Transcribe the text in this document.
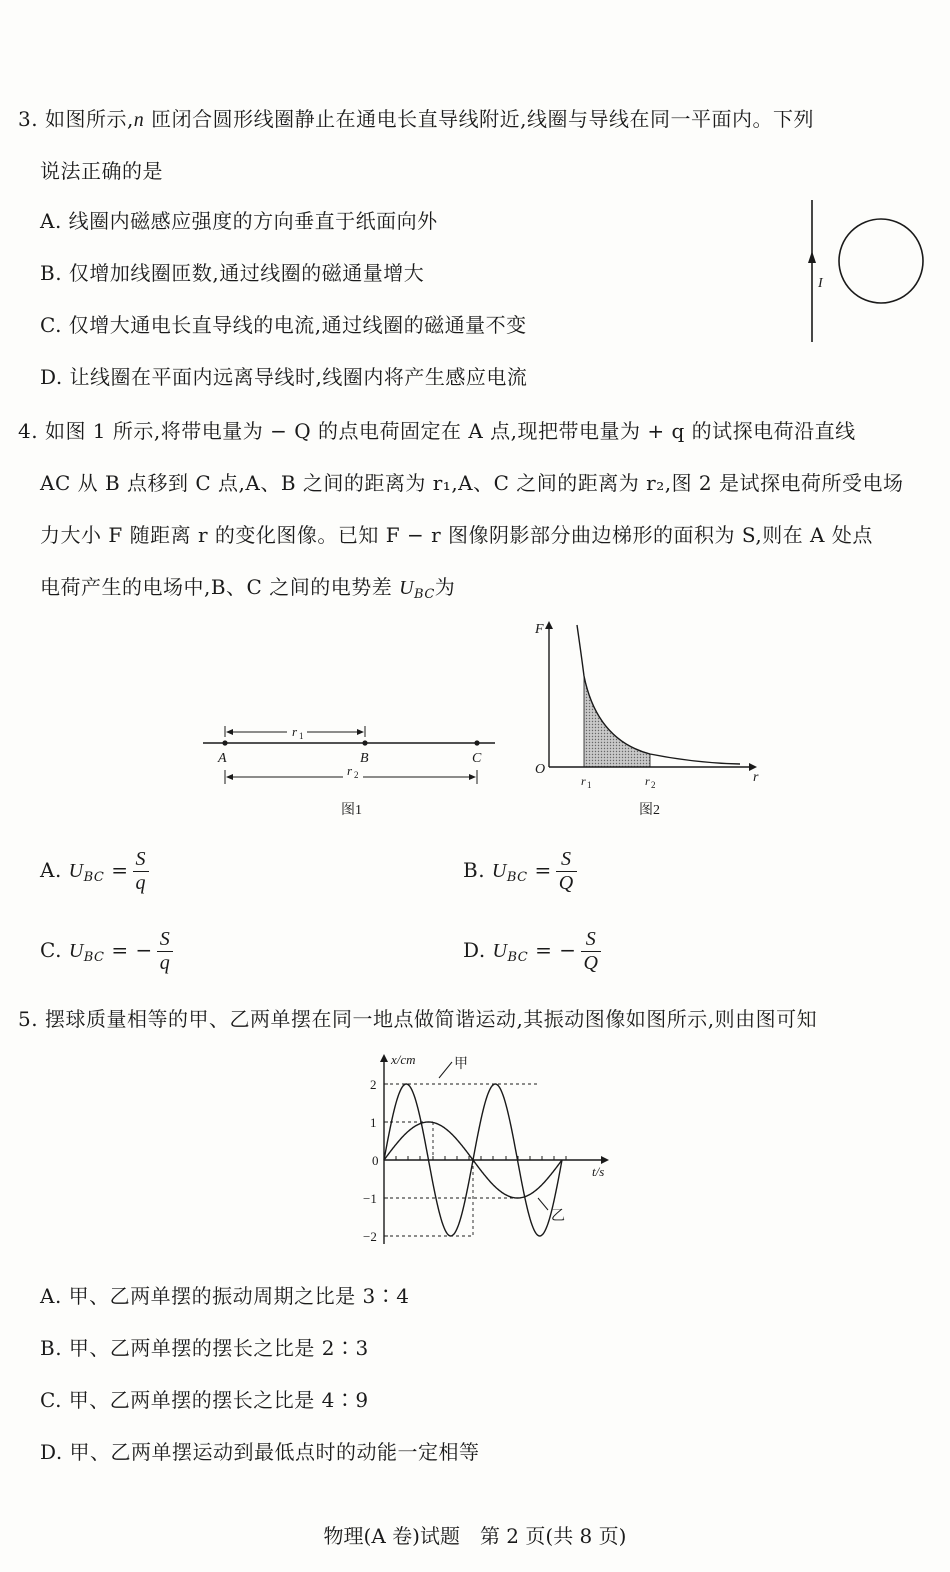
3. 如图所示,n 匝闭合圆形线圈静止在通电长直导线附近,线圈与导线在同一平面内。下列
说法正确的是
A. 线圈内磁感应强度的方向垂直于纸面向外
B. 仅增加线圈匝数,通过线圈的磁通量增大
C. 仅增大通电长直导线的电流,通过线圈的磁通量不变
D. 让线圈在平面内远离导线时,线圈内将产生感应电流
I
4. 如图 1 所示,将带电量为 − Q 的点电荷固定在 A 点,现把带电量为 + q 的试探电荷沿直线
AC 从 B 点移到 C 点,A、B 之间的距离为 r₁,A、C 之间的距离为 r₂,图 2 是试探电荷所受电场
力大小 F 随距离 r 的变化图像。已知 F − r 图像阴影部分曲边梯形的面积为 S,则在 A 处点
电荷产生的电场中,B、C 之间的电势差 $U_{BC}$为
r 1
A	B	C
r 2
图1
F
O
r
r 1	r 2
图2
A. $U_{BC} = \frac{S}{q}$	B. $U_{BC} = \frac{S}{Q}$
C. $U_{BC}$ = − $\frac{S}{q}$	D. $U_{BC}$ = − $\frac{S}{Q}$
5. 摆球质量相等的甲、乙两单摆在同一地点做简谐运动,其振动图像如图所示,则由图可知
x/cm
t/s
0
2
1
−1
−2
甲
乙
A. 甲、乙两单摆的振动周期之比是 3∶4
B. 甲、乙两单摆的摆长之比是 2∶3
C. 甲、乙两单摆的摆长之比是 4∶9
D. 甲、乙两单摆运动到最低点时的动能一定相等
物理(A 卷)试题　第 2 页(共 8 页)
